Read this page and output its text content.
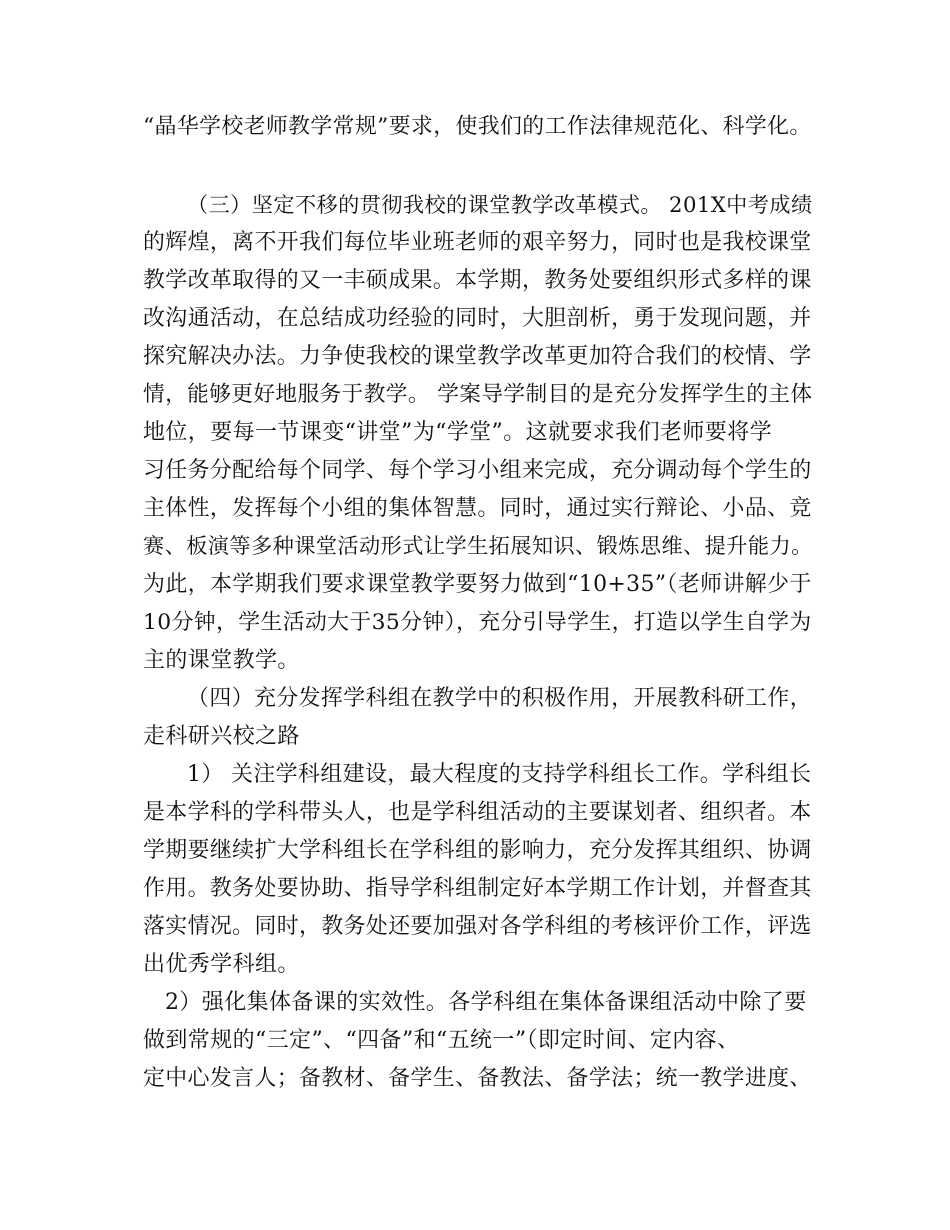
“晶华学校老师教学常规”要求，使我们的工作法律规范化、科学化。
（三）坚定不移的贯彻我校的课堂教学改革模式。 201X中考成绩
的辉煌，离不开我们每位毕业班老师的艰辛努力，同时也是我校课堂
教学改革取得的又一丰硕成果。本学期，教务处要组织形式多样的课
改沟通活动，在总结成功经验的同时，大胆剖析，勇于发现问题，并
探究解决办法。力争使我校的课堂教学改革更加符合我们的校情、学
情，能够更好地服务于教学。 学案导学制目的是充分发挥学生的主体
地位，要每一节课变“讲堂”为“学堂”。这就要求我们老师要将学
习任务分配给每个同学、每个学习小组来完成，充分调动每个学生的
主体性，发挥每个小组的集体智慧。同时，通过实行辩论、小品、竞
赛、板演等多种课堂活动形式让学生拓展知识、锻炼思维、提升能力。
为此，本学期我们要求课堂教学要努力做到“10+35”（老师讲解少于
10分钟，学生活动大于35分钟），充分引导学生，打造以学生自学为
主的课堂教学。
（四）充分发挥学科组在教学中的积极作用，开展教科研工作，
走科研兴校之路
1） 关注学科组建设，最大程度的支持学科组长工作。学科组长
是本学科的学科带头人，也是学科组活动的主要谋划者、组织者。本
学期要继续扩大学科组长在学科组的影响力，充分发挥其组织、协调
作用。教务处要协助、指导学科组制定好本学期工作计划，并督查其
落实情况。同时，教务处还要加强对各学科组的考核评价工作，评选
出优秀学科组。
2）强化集体备课的实效性。各学科组在集体备课组活动中除了要
做到常规的“三定”、“四备”和“五统一”（即定时间、定内容、
定中心发言人；备教材、备学生、备教法、备学法；统一教学进度、
